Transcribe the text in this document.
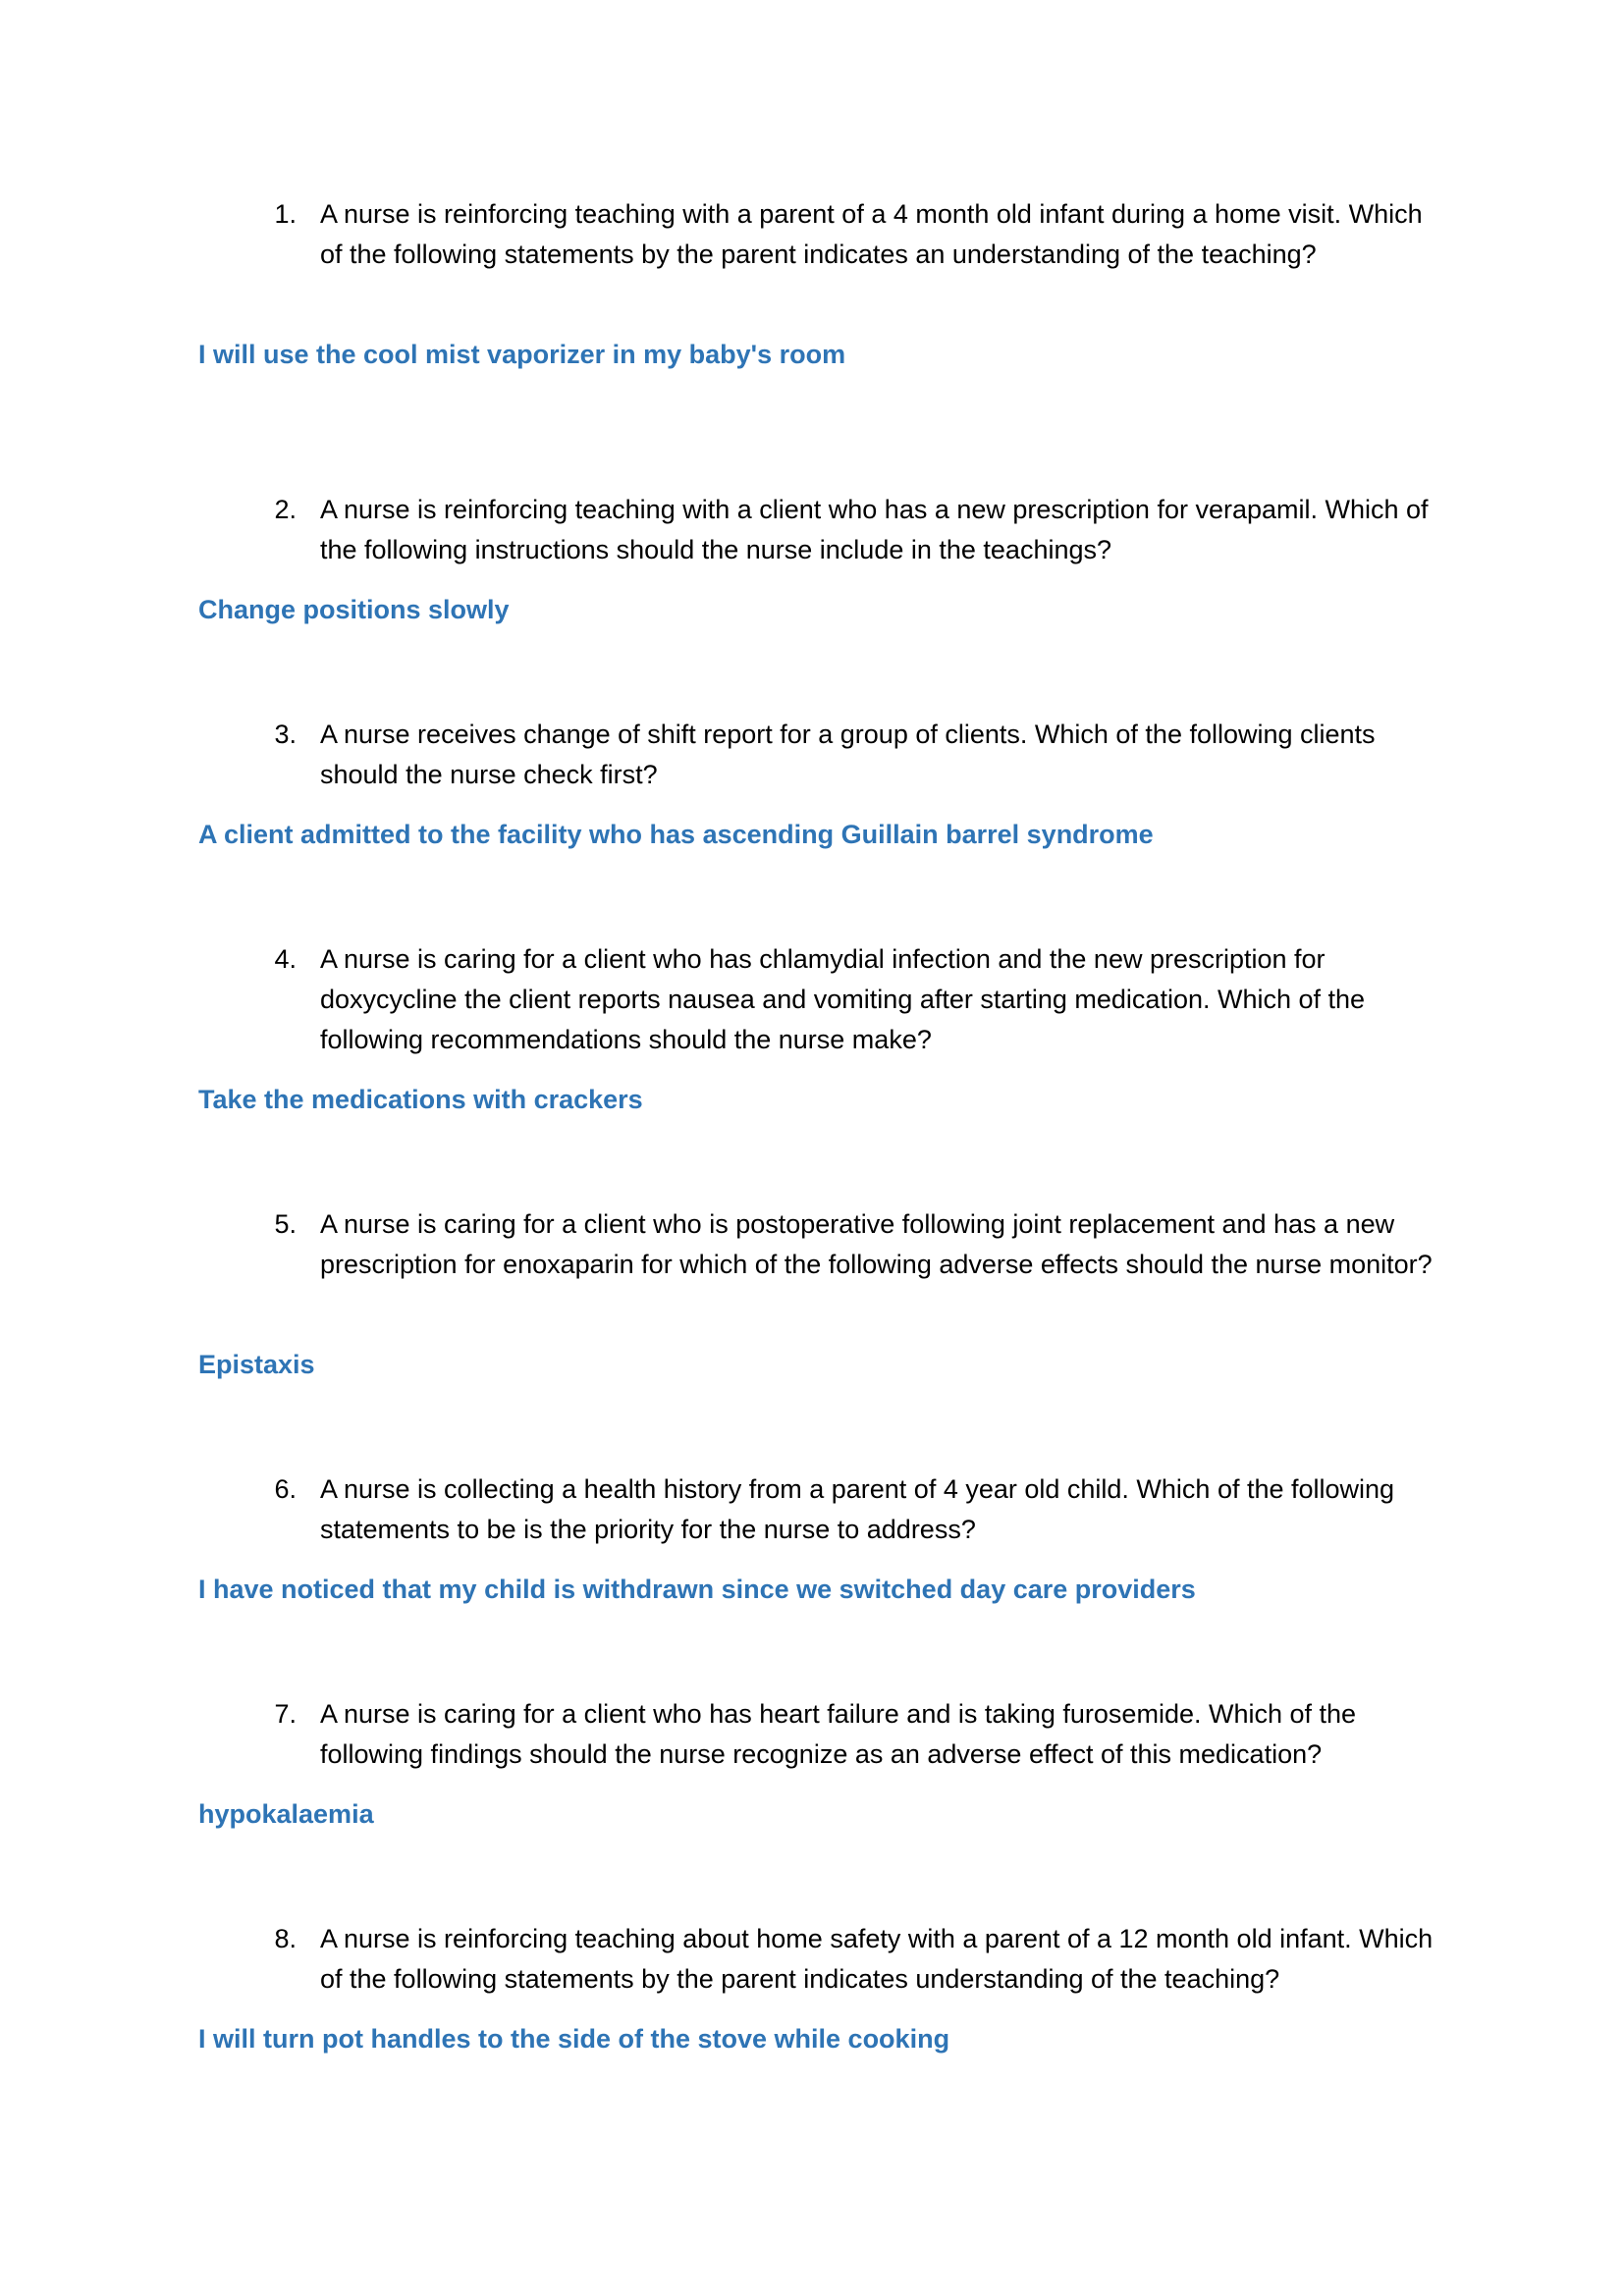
1. A nurse is reinforcing teaching with a parent of a 4 month old infant during a home visit. Which of the following statements by the parent indicates an understanding of the teaching?
I will use the cool mist vaporizer in my baby's room
2. A nurse is reinforcing teaching with a client who has a new prescription for verapamil. Which of the following instructions should the nurse include in the teachings?
Change positions slowly
3. A nurse receives change of shift report for a group of clients. Which of the following clients should the nurse check first?
A client admitted to the facility who has ascending Guillain barrel syndrome
4. A nurse is caring for a client who has chlamydial infection and the new prescription for doxycycline the client reports nausea and vomiting after starting medication. Which of the following recommendations should the nurse make?
Take the medications with crackers
5. A nurse is caring for a client who is postoperative following joint replacement and has a new prescription for enoxaparin for which of the following adverse effects should the nurse monitor?
Epistaxis
6. A nurse is collecting a health history from a parent of 4 year old child. Which of the following statements to be is the priority for the nurse to address?
I have noticed that my child is withdrawn since we switched day care providers
7. A nurse is caring for a client who has heart failure and is taking furosemide. Which of the following findings should the nurse recognize as an adverse effect of this medication?
hypokalaemia
8. A nurse is reinforcing teaching about home safety with a parent of a 12 month old infant. Which of the following statements by the parent indicates understanding of the teaching?
I will turn pot handles to the side of the stove while cooking
